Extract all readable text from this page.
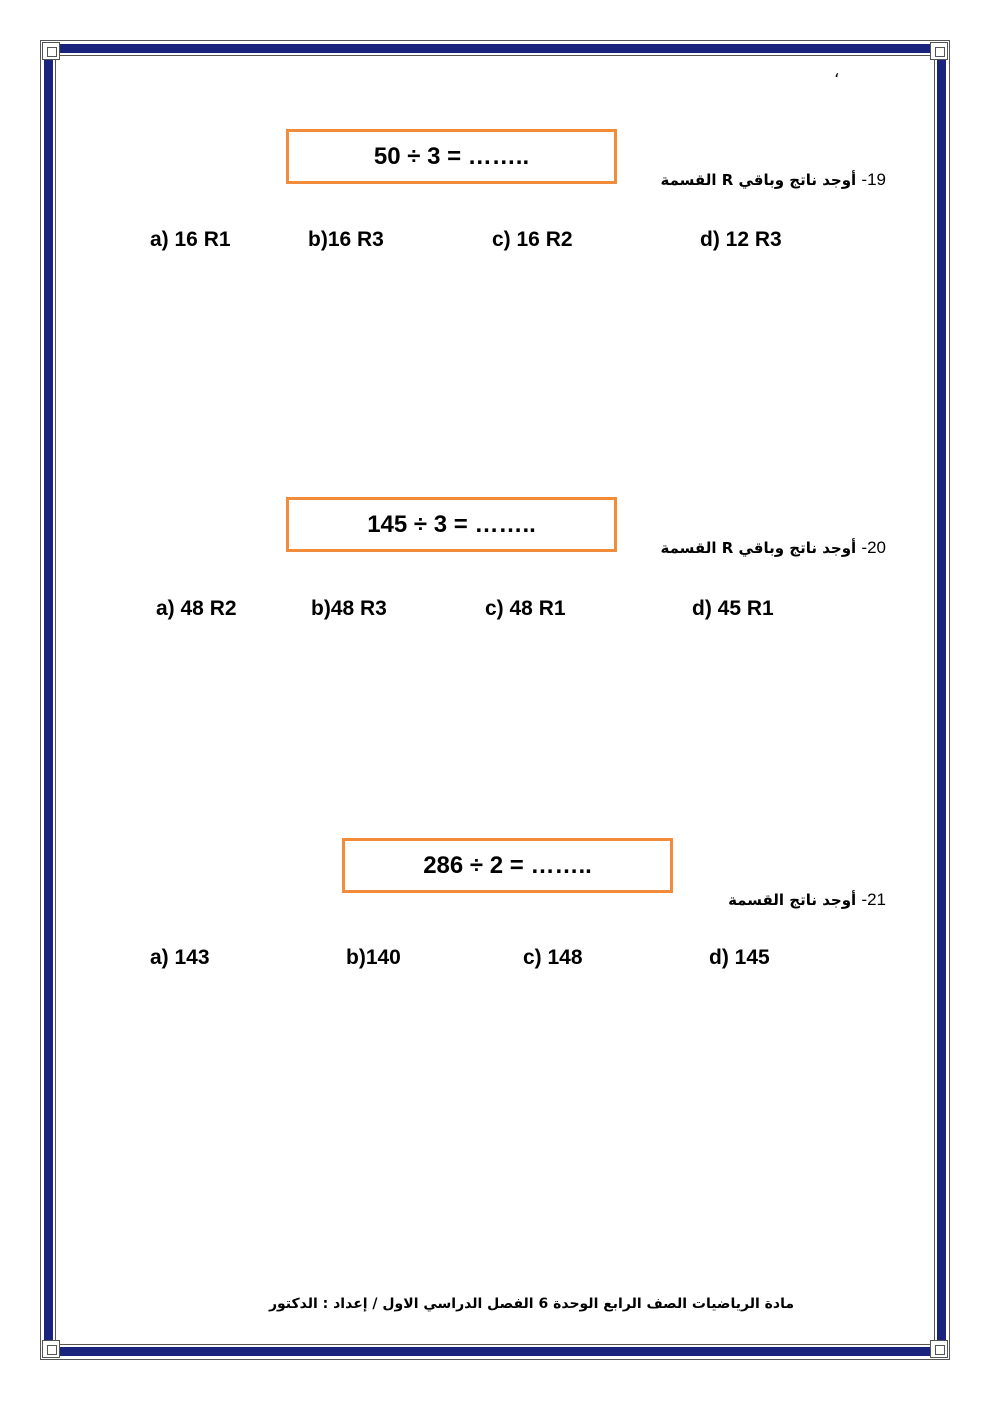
،
50 ÷ 3 = ……..
19- أوجد ناتج وباقي R القسمة
a) 16 R1	b)16 R3	c) 16 R2	d) 12 R3
145 ÷ 3 = ……..
20- أوجد ناتج وباقي R القسمة
a) 48 R2	b)48 R3	c) 48 R1	d) 45 R1
286 ÷ 2 = ……..
21- أوجد ناتج القسمة
a) 143	b)140	c) 148	d) 145
مادة الرياضيات الصف الرابع الوحدة 6 الفصل الدراسي الاول / إعداد : الدكتور
